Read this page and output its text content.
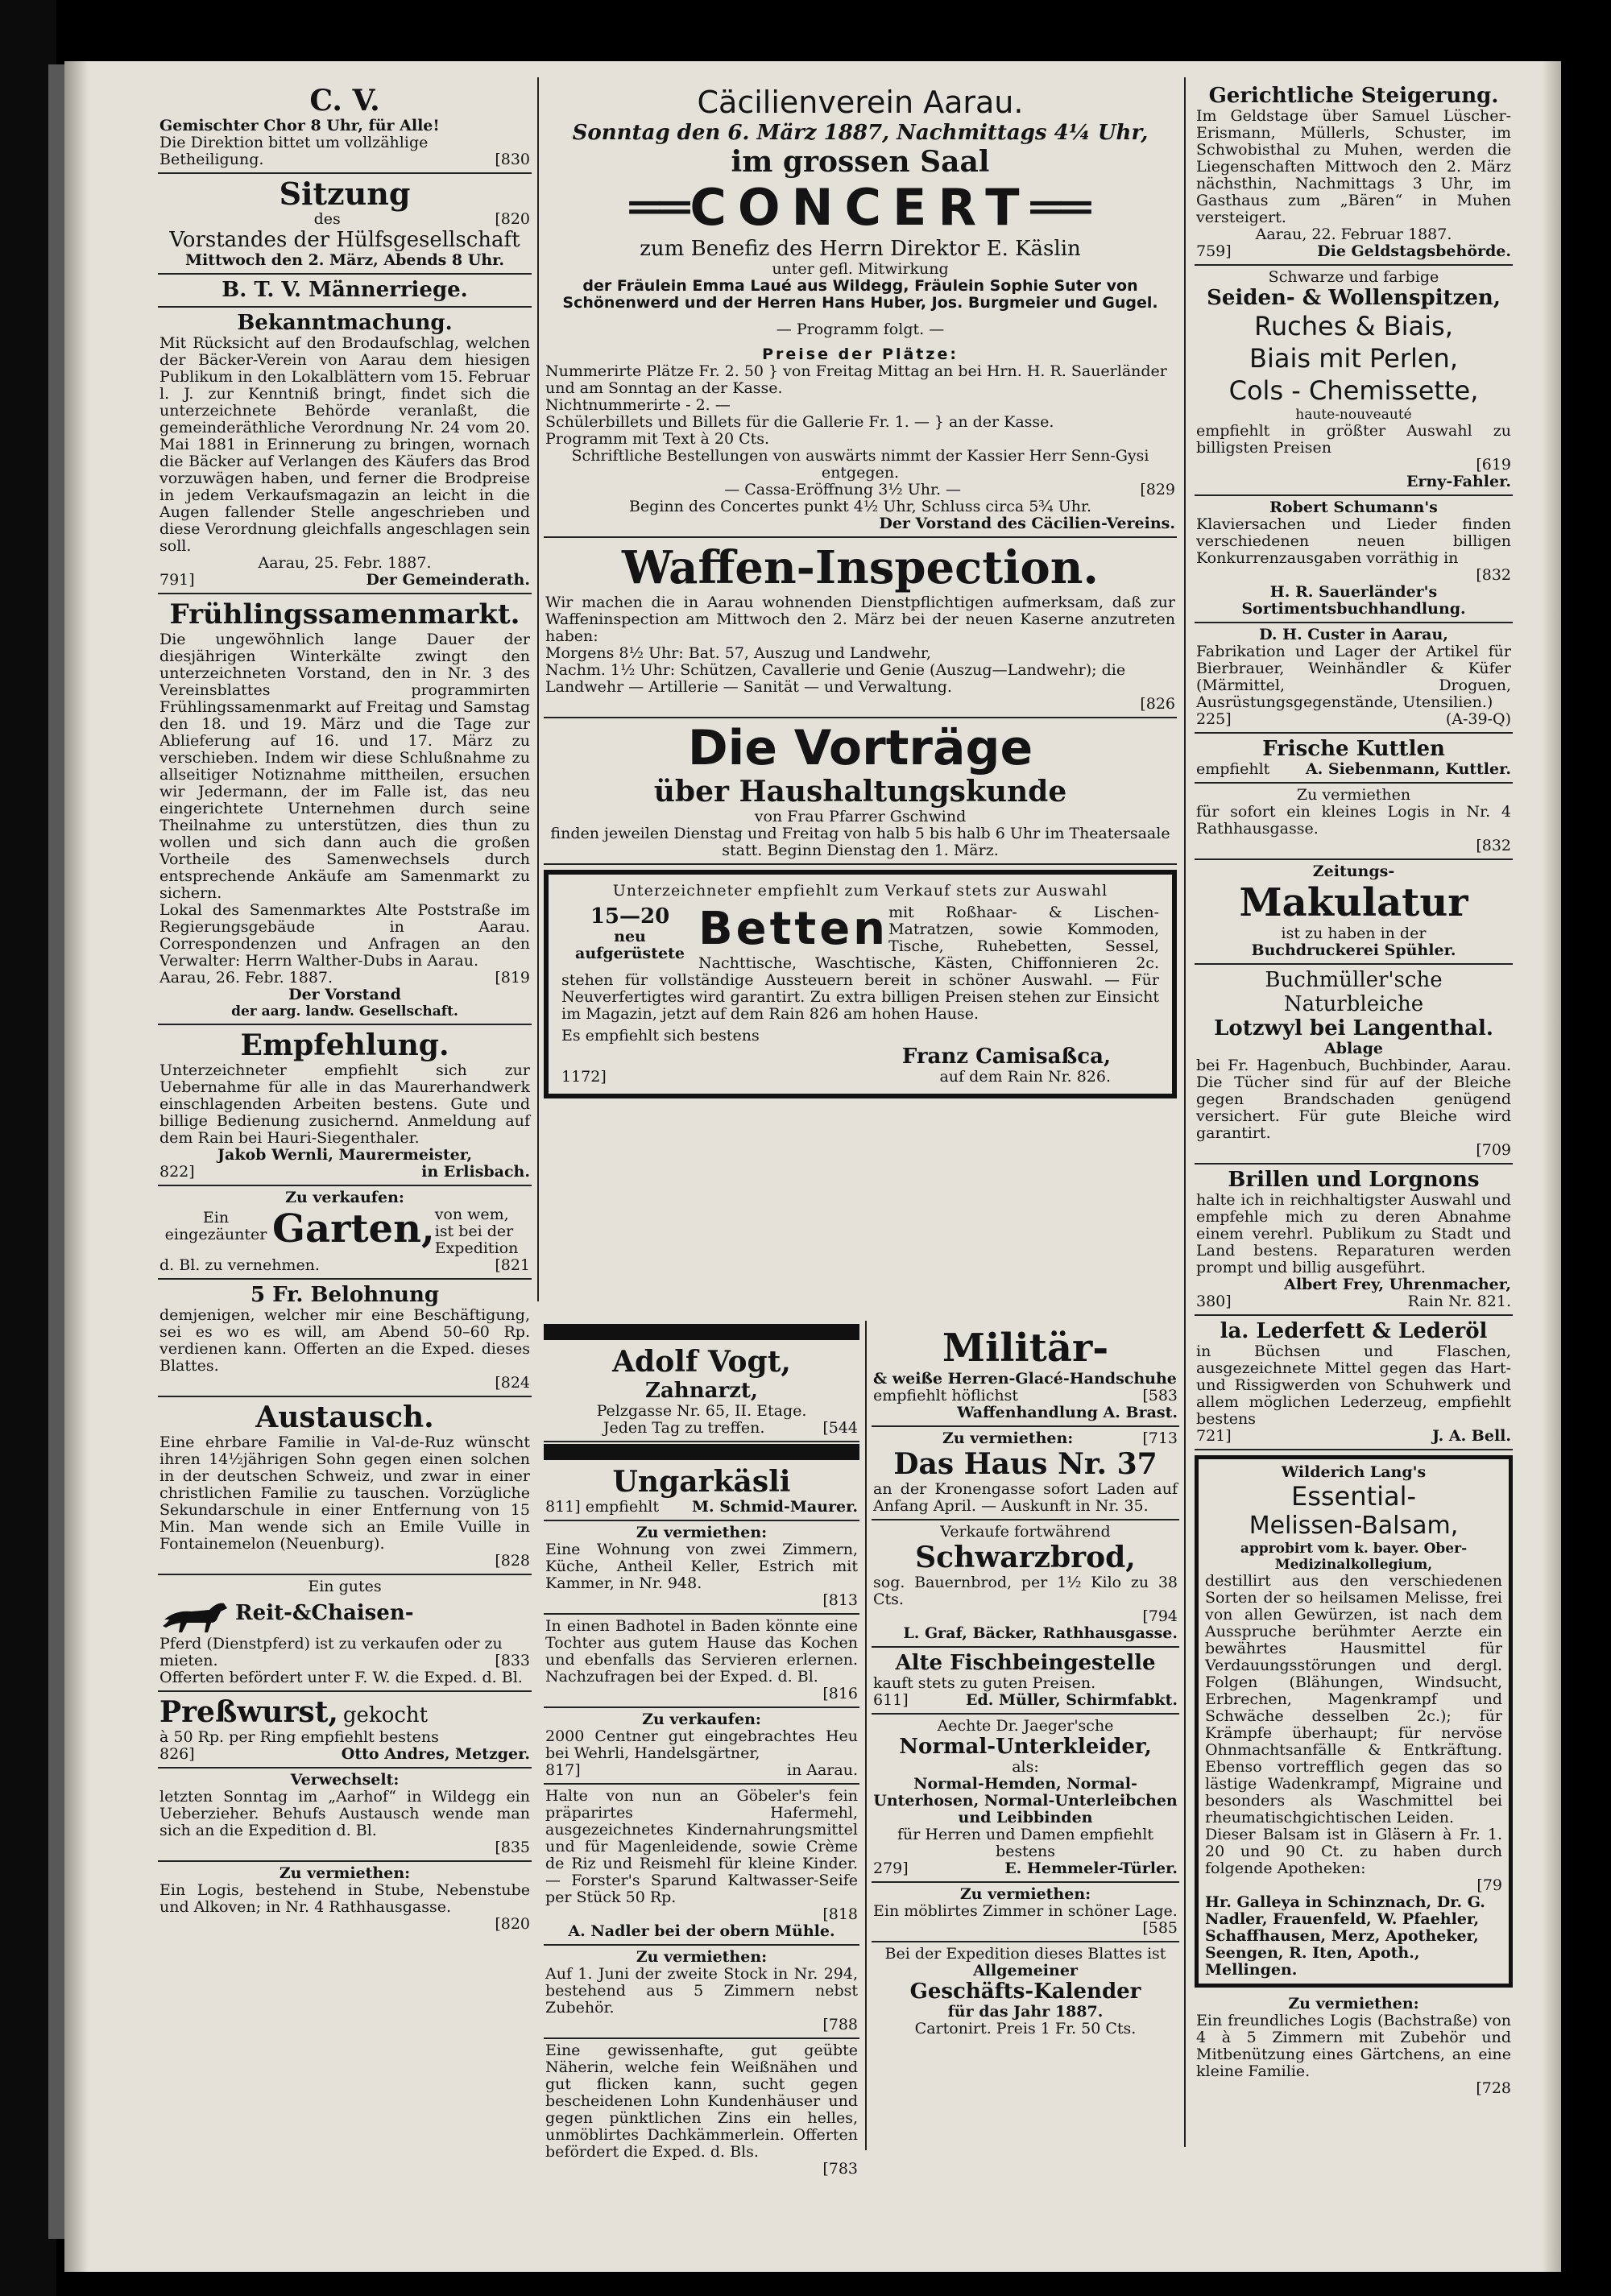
C. V.
Gemischter Chor 8 Uhr, für Alle!
Die Direktion bittet um vollzählige Betheiligung.	[830
Sitzung
des	[820
Vorstandes der Hülfsgesellschaft
Mittwoch den 2. März, Abends 8 Uhr.
B. T. V. Männerriege.
Bekanntmachung.
Mit Rücksicht auf den Brodaufschlag, welchen der Bäcker-Verein von Aarau dem hiesigen Publikum in den Lokalblättern vom 15. Februar l. J. zur Kenntniß bringt, findet sich die unterzeichnete Behörde veranlaßt, die gemeinderäthliche Verordnung Nr. 24 vom 20. Mai 1881 in Erinnerung zu bringen, wornach die Bäcker auf Verlangen des Käufers das Brod vorzuwägen haben, und ferner die Brodpreise in jedem Verkaufsmagazin an leicht in die Augen fallender Stelle angeschrieben und diese Verordnung gleichfalls angeschlagen sein soll.
Aarau, 25. Febr. 1887.
791]	Der Gemeinderath.
Frühlingssamenmarkt.
Die ungewöhnlich lange Dauer der diesjährigen Winterkälte zwingt den unterzeichneten Vorstand, den in Nr. 3 des Vereinsblattes programmirten Frühlingssamenmarkt auf Freitag und Samstag den 18. und 19. März und die Tage zur Ablieferung auf 16. und 17. März zu verschieben. Indem wir diese Schlußnahme zu allseitiger Notiznahme mittheilen, ersuchen wir Jedermann, der im Falle ist, das neu eingerichtete Unternehmen durch seine Theilnahme zu unterstützen, dies thun zu wollen und sich dann auch die großen Vortheile des Samenwechsels durch entsprechende Ankäufe am Samenmarkt zu sichern.
Lokal des Samenmarktes Alte Poststraße im Regierungsgebäude in Aarau. Correspondenzen und Anfragen an den Verwalter: Herrn Walther-Dubs in Aarau.
Aarau, 26. Febr. 1887.	[819
Der Vorstand
der aarg. landw. Gesellschaft.
Empfehlung.
Unterzeichneter empfiehlt sich zur Uebernahme für alle in das Maurerhandwerk einschlagenden Arbeiten bestens. Gute und billige Bedienung zusichernd. Anmeldung auf dem Rain bei Hauri-Siegenthaler.
Jakob Wernli, Maurermeister,
822]	in Erlisbach.
Zu verkaufen:
Ein
eingezäunter Garten, von wem, ist bei der Expedition d. Bl. zu vernehmen.	[821
5 Fr. Belohnung
demjenigen, welcher mir eine Beschäftigung, sei es wo es will, am Abend 50–60 Rp. verdienen kann. Offerten an die Exped. dieses Blattes.
[824
Austausch.
Eine ehrbare Familie in Val-de-Ruz wünscht ihren 14½jährigen Sohn gegen einen solchen in der deutschen Schweiz, und zwar in einer christlichen Familie zu tauschen. Vorzügliche Sekundarschule in einer Entfernung von 15 Min. Man wende sich an Emile Vuille in Fontainemelon (Neuenburg).
[828
Ein gutes
Reit-&Chaisen-
Pferd (Dienstpferd) ist zu verkaufen oder zu mieten.	[833
Offerten befördert unter F. W. die Exped. d. Bl.
Preßwurst, gekocht
à 50 Rp. per Ring empfiehlt bestens
826]	Otto Andres, Metzger.
Verwechselt:
letzten Sonntag im „Aarhof“ in Wildegg ein Ueberzieher. Behufs Austausch wende man sich an die Expedition d. Bl.
[835
Zu vermiethen:
Ein Logis, bestehend in Stube, Nebenstube und Alkoven; in Nr. 4 Rathhausgasse.
[820
Cäcilienverein Aarau.
Sonntag den 6. März 1887, Nachmittags 4¼ Uhr,
im grossen Saal
══CONCERT══
zum Benefiz des Herrn Direktor E. Käslin
unter gefl. Mitwirkung
der Fräulein Emma Laué aus Wildegg, Fräulein Sophie Suter von Schönenwerd und der Herren Hans Huber, Jos. Burgmeier und Gugel.
— Programm folgt. —
Preise der Plätze:
Nummerirte Plätze Fr. 2. 50 } von Freitag Mittag an bei Hrn. H. R. Sauerländer und am Sonntag an der Kasse.
Nichtnummerirte - 2. —
Schülerbillets und Billets für die Gallerie Fr. 1. — } an der Kasse.
Programm mit Text à 20 Cts.
Schriftliche Bestellungen von auswärts nimmt der Kassier Herr Senn-Gysi entgegen.
— Cassa-Eröffnung 3½ Uhr. —	[829
Beginn des Concertes punkt 4½ Uhr, Schluss circa 5¾ Uhr.
Der Vorstand des Cäcilien-Vereins.
Waffen-Inspection.
Wir machen die in Aarau wohnenden Dienstpflichtigen aufmerksam, daß zur Waffeninspection am Mittwoch den 2. März bei der neuen Kaserne anzutreten haben:
Morgens 8½ Uhr: Bat. 57, Auszug und Landwehr,
Nachm. 1½ Uhr: Schützen, Cavallerie und Genie (Auszug—Landwehr); die Landwehr — Artillerie — Sanität — und Verwaltung.
[826
Die Vorträge
über Haushaltungskunde
von Frau Pfarrer Gschwind
finden jeweilen Dienstag und Freitag von halb 5 bis halb 6 Uhr im Theatersaale statt. Beginn Dienstag den 1. März.
Unterzeichneter empfiehlt zum Verkauf stets zur Auswahl
15—20
neu aufgerüstete Betten mit Roßhaar- & Lischen-Matratzen, sowie Kommoden, Tische, Ruhebetten, Sessel, Nachttische, Waschtische, Kästen, Chiffonnieren 2c. stehen für vollständige Aussteuern bereit in schöner Auswahl. — Für Neuverfertigtes wird garantirt. Zu extra billigen Preisen stehen zur Einsicht im Magazin, jetzt auf dem Rain 826 am hohen Hause.
Es empfiehlt sich bestens
Franz Camisaßca,
1172]	auf dem Rain Nr. 826.
Adolf Vogt,
Zahnarzt,
Pelzgasse Nr. 65, II. Etage.
Jeden Tag zu treffen.	[544
Ungarkäsli
811] empfiehlt M. Schmid-Maurer.
Zu vermiethen:
Eine Wohnung von zwei Zimmern, Küche, Antheil Keller, Estrich mit Kammer, in Nr. 948.
[813
In einen Badhotel in Baden könnte eine Tochter aus gutem Hause das Kochen und ebenfalls das Servieren erlernen. Nachzufragen bei der Exped. d. Bl.
[816
Zu verkaufen:
2000 Centner gut eingebrachtes Heu bei Wehrli, Handelsgärtner,
817]	in Aarau.
Halte von nun an Göbeler's fein präparirtes Hafermehl, ausgezeichnetes Kindernahrungsmittel und für Magenleidende, sowie Crème de Riz und Reismehl für kleine Kinder. — Forster's Sparund Kaltwasser-Seife per Stück 50 Rp.
[818
A. Nadler bei der obern Mühle.
Zu vermiethen:
Auf 1. Juni der zweite Stock in Nr. 294, bestehend aus 5 Zimmern nebst Zubehör.
[788
Eine gewissenhafte, gut geübte Näherin, welche fein Weißnähen und gut flicken kann, sucht gegen bescheidenen Lohn Kundenhäuser und gegen pünktlichen Zins ein helles, unmöblirtes Dachkämmerlein. Offerten befördert die Exped. d. Bls.
[783
Militär-
& weiße Herren-Glacé-Handschuhe
empfiehlt höflichst	[583
Waffenhandlung A. Brast.
Zu vermiethen:	[713
Das Haus Nr. 37
an der Kronengasse sofort Laden auf Anfang April. — Auskunft in Nr. 35.
Verkaufe fortwährend
Schwarzbrod,
sog. Bauernbrod, per 1½ Kilo zu 38 Cts.
[794
L. Graf, Bäcker, Rathhausgasse.
Alte Fischbeingestelle
kauft stets zu guten Preisen.
611]	Ed. Müller, Schirmfabkt.
Aechte Dr. Jaeger'sche
Normal-Unterkleider,
als:
Normal-Hemden, Normal-Unterhosen, Normal-Unterleibchen und Leibbinden
für Herren und Damen empfiehlt bestens
279]	E. Hemmeler-Türler.
Zu vermiethen:
Ein möblirtes Zimmer in schöner Lage.
[585
Bei der Expedition dieses Blattes ist
Allgemeiner
Geschäfts-Kalender
für das Jahr 1887.
Cartonirt. Preis 1 Fr. 50 Cts.
Gerichtliche Steigerung.
Im Geldstage über Samuel Lüscher-Erismann, Müllerls, Schuster, im Schwobisthal zu Muhen, werden die Liegenschaften Mittwoch den 2. März nächsthin, Nachmittags 3 Uhr, im Gasthaus zum „Bären“ in Muhen versteigert.
Aarau, 22. Februar 1887.
759]	Die Geldstagsbehörde.
Schwarze und farbige
Seiden- & Wollenspitzen,
Ruches & Biais,
Biais mit Perlen,
Cols - Chemissette,
haute-nouveauté
empfiehlt in größter Auswahl zu billigsten Preisen
[619
Erny-Fahler.
Robert Schumann's
Klaviersachen und Lieder finden verschiedenen neuen billigen Konkurrenzausgaben vorräthig in
[832
H. R. Sauerländer's Sortimentsbuchhandlung.
D. H. Custer in Aarau,
Fabrikation und Lager der Artikel für Bierbrauer, Weinhändler & Küfer (Märmittel, Droguen, Ausrüstungsgegenstände, Utensilien.)
225]	(A-39-Q)
Frische Kuttlen
empfiehlt A. Siebenmann, Kuttler.
Zu vermiethen
für sofort ein kleines Logis in Nr. 4 Rathhausgasse.
[832
Zeitungs-
Makulatur
ist zu haben in der
Buchdruckerei Spühler.
Buchmüller'sche Naturbleiche
Lotzwyl bei Langenthal.
Ablage
bei Fr. Hagenbuch, Buchbinder, Aarau. Die Tücher sind für auf der Bleiche gegen Brandschaden genügend versichert. Für gute Bleiche wird garantirt.
[709
Brillen und Lorgnons
halte ich in reichhaltigster Auswahl und empfehle mich zu deren Abnahme einem verehrl. Publikum zu Stadt und Land bestens. Reparaturen werden prompt und billig ausgeführt.
Albert Frey, Uhrenmacher,
380]	Rain Nr. 821.
la. Lederfett & Lederöl
in Büchsen und Flaschen, ausgezeichnete Mittel gegen das Hart- und Rissigwerden von Schuhwerk und allem möglichen Lederzeug, empfiehlt bestens
721]	J. A. Bell.
Wilderich Lang's
Essential-
Melissen-Balsam,
approbirt vom k. bayer. Ober-Medizinalkollegium,
destillirt aus den verschiedenen Sorten der so heilsamen Melisse, frei von allen Gewürzen, ist nach dem Ausspruche berühmter Aerzte ein bewährtes Hausmittel für Verdauungsstörungen und dergl. Folgen (Blähungen, Windsucht, Erbrechen, Magenkrampf und Schwäche desselben 2c.); für Krämpfe überhaupt; für nervöse Ohnmachtsanfälle & Entkräftung. Ebenso vortrefflich gegen das so lästige Wadenkrampf, Migraine und besonders als Waschmittel bei rheumatischgichtischen Leiden.
Dieser Balsam ist in Gläsern à Fr. 1. 20 und 90 Ct. zu haben durch folgende Apotheken:
[79
Hr. Galleya in Schinznach, Dr. G. Nadler, Frauenfeld, W. Pfaehler, Schaffhausen, Merz, Apotheker, Seengen, R. Iten, Apoth., Mellingen.
Zu vermiethen:
Ein freundliches Logis (Bachstraße) von 4 à 5 Zimmern mit Zubehör und Mitbenützung eines Gärtchens, an eine kleine Familie.
[728
